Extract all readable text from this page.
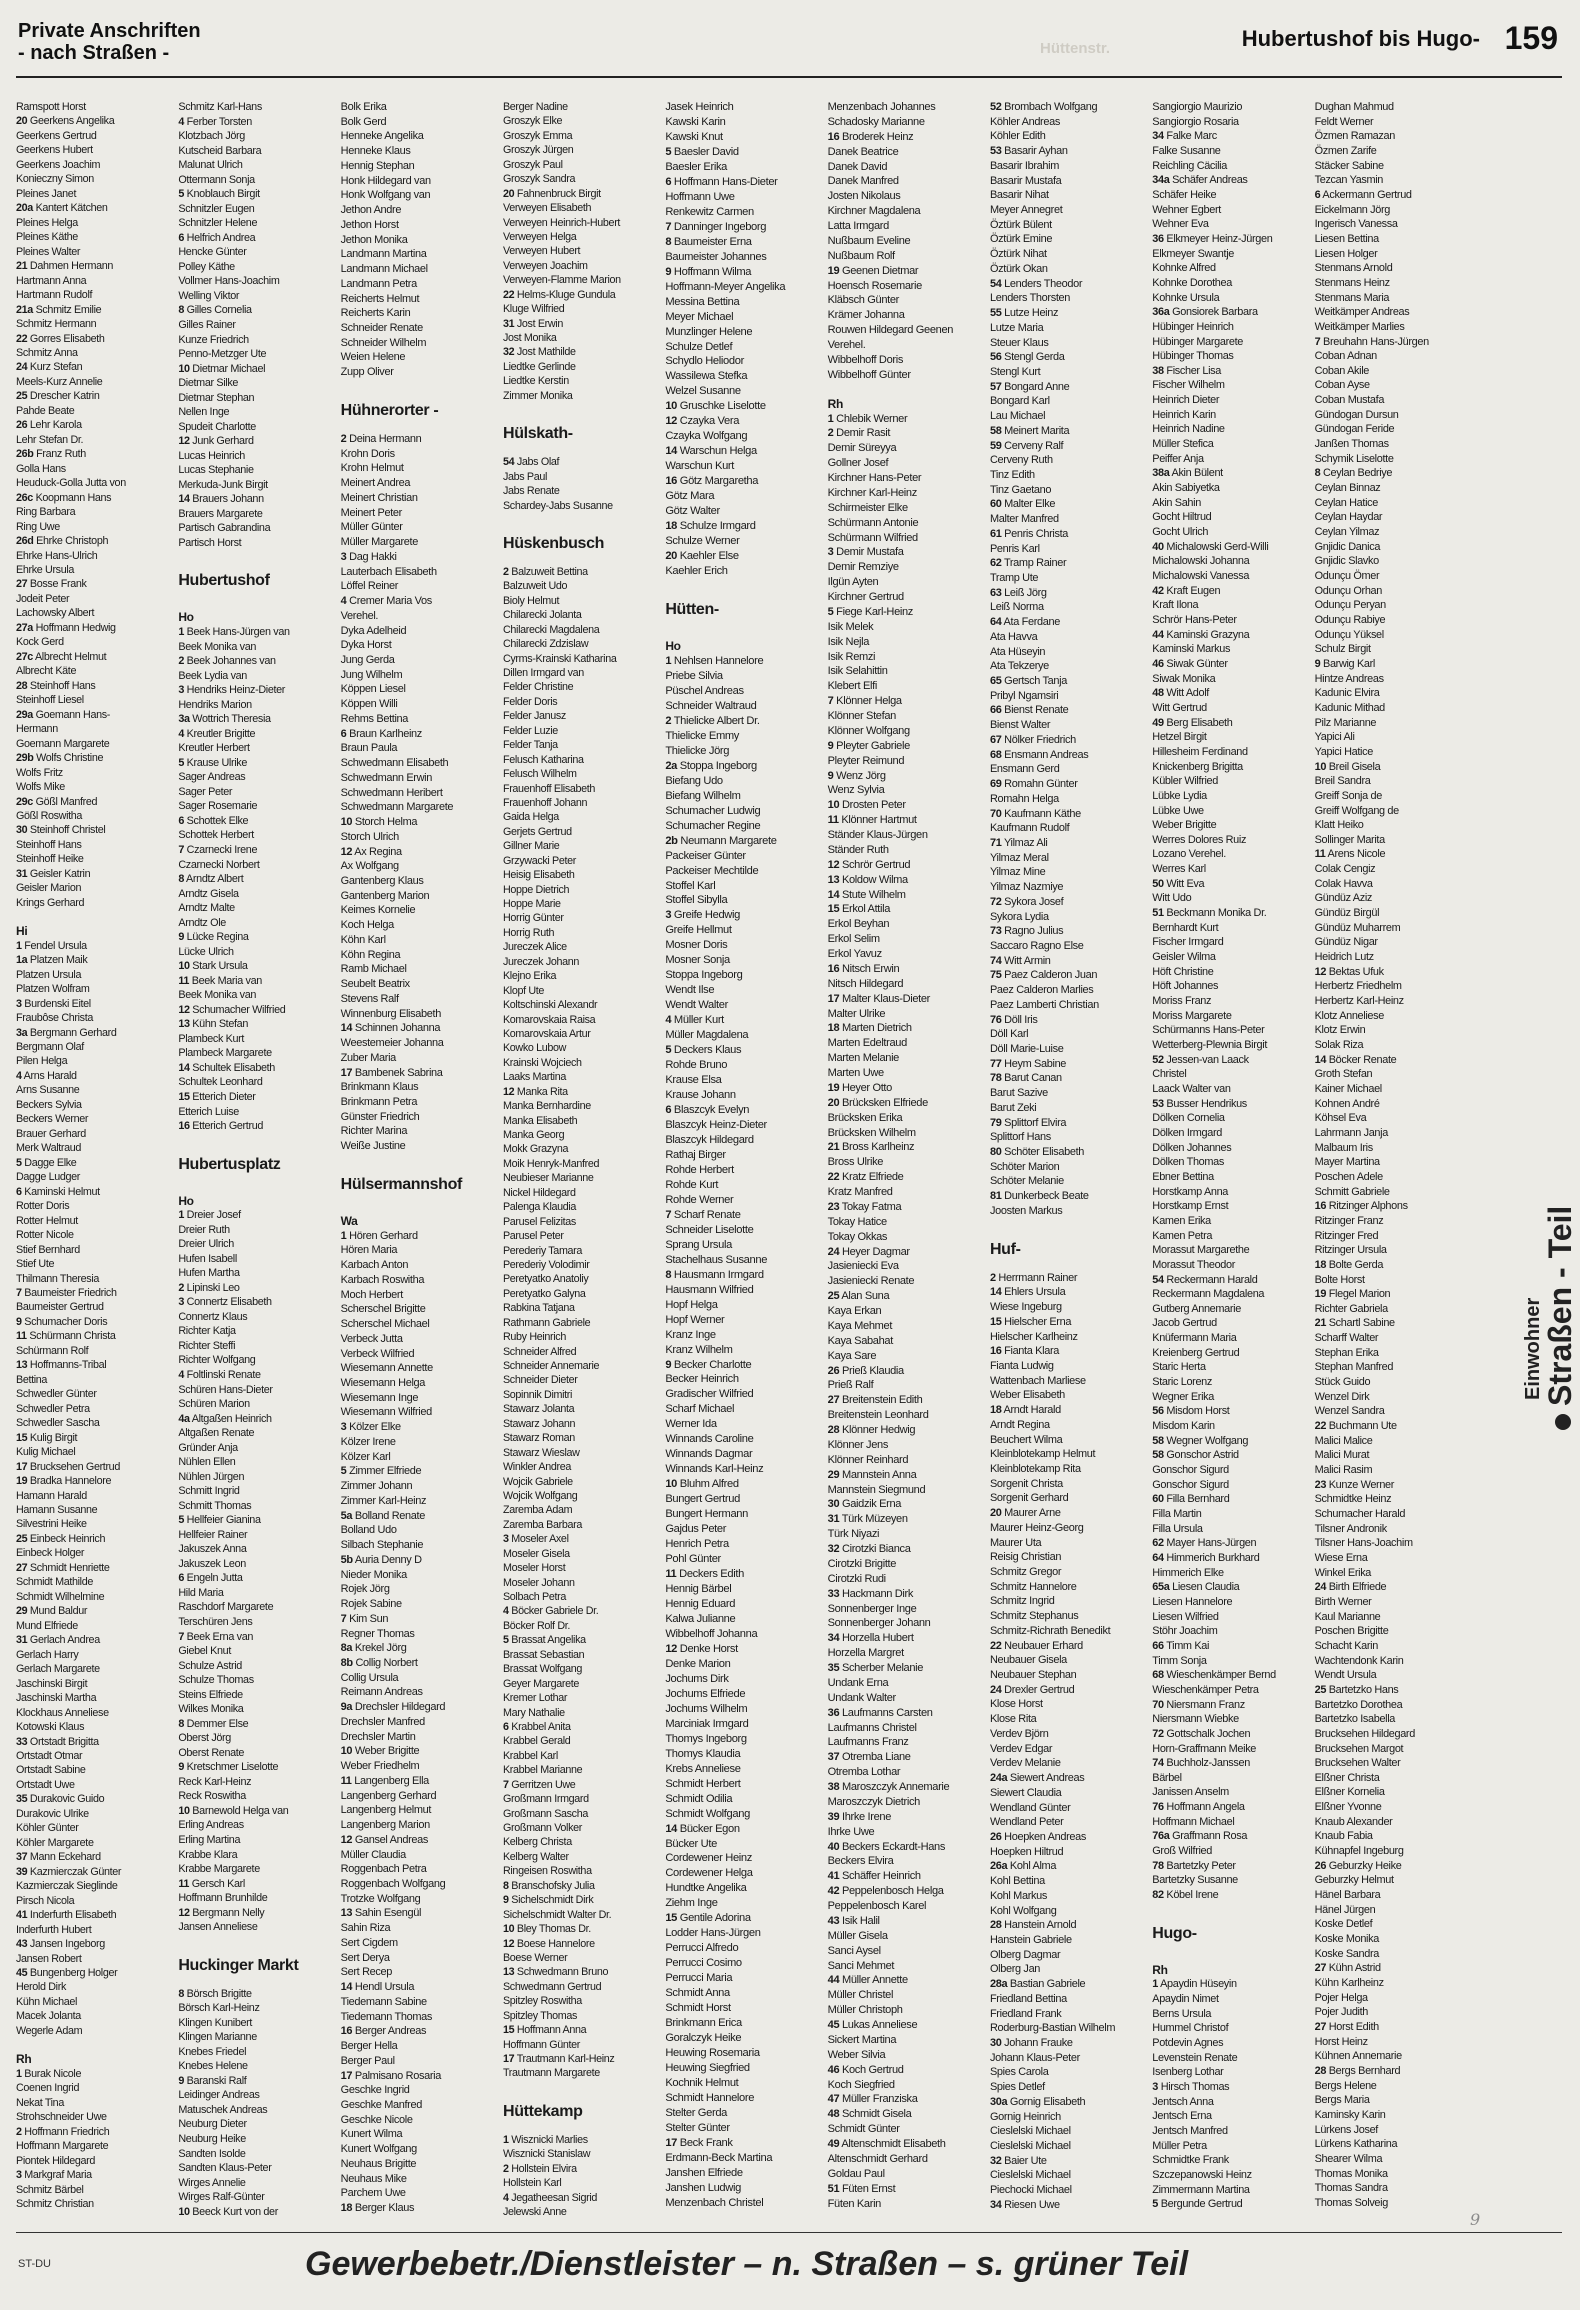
Private Anschriften
- nach Straßen -	Hüttenstr.	Hubertushof bis Hugo- 159
Ramspott Horst
20 Geerkens Angelika
Geerkens Gertrud
Geerkens Hubert
Geerkens Joachim
Konieczny Simon
Pleines Janet
20a Kantert Kätchen
Pleines Helga
Pleines Käthe
Pleines Walter
21 Dahmen Hermann
Hartmann Anna
Hartmann Rudolf
21a Schmitz Emilie
Schmitz Hermann
22 Gorres Elisabeth
Schmitz Anna
24 Kurz Stefan
Meels-Kurz Annelie
25 Drescher Katrin
Pahde Beate
26 Lehr Karola
Lehr Stefan Dr.
26b Franz Ruth
Golla Hans
Heuduck-Golla Jutta von
26c Koopmann Hans
Ring Barbara
Ring Uwe
26d Ehrke Christoph
Ehrke Hans-Ulrich
Ehrke Ursula
27 Bosse Frank
Jodeit Peter
Lachowsky Albert
27a Hoffmann Hedwig
Kock Gerd
27c Albrecht Helmut
Albrecht Käte
28 Steinhoff Hans
Steinhoff Liesel
29a Goemann Hans-
Hermann
Goemann Margarete
29b Wolfs Christine
Wolfs Fritz
Wolfs Mike
29c Gößl Manfred
Gößl Roswitha
30 Steinhoff Christel
Steinhoff Hans
Steinhoff Heike
31 Geisler Katrin
Geisler Marion
Krings Gerhard

Hi
1 Fendel Ursula
1a Platzen Maik
Platzen Ursula
Platzen Wolfram
3 Burdenski Eitel
Fraubôse Christa
3a Bergmann Gerhard
Bergmann Olaf
Pilen Helga
4 Arns Harald
Arns Susanne
Beckers Sylvia
Beckers Werner
Brauer Gerhard
Merk Waltraud
5 Dagge Elke
Dagge Ludger
6 Kaminski Helmut
Rotter Doris
Rotter Helmut
Rotter Nicole
Stief Bernhard
Stief Ute
Thilmann Theresia
7 Baumeister Friedrich
Baumeister Gertrud
9 Schumacher Doris
11 Schürmann Christa
Schürmann Rolf
13 Hoffmanns-Tribal
Bettina
Schwedler Günter
Schwedler Petra
Schwedler Sascha
15 Kulig Birgit
Kulig Michael
17 Brucksehen Gertrud
19 Bradka Hannelore
Hamann Harald
Hamann Susanne
Silvestrini Heike
25 Einbeck Heinrich
Einbeck Holger
27 Schmidt Henriette
Schmidt Mathilde
Schmidt Wilhelmine
29 Mund Baldur
Mund Elfriede
31 Gerlach Andrea
Gerlach Harry
Gerlach Margarete
Jaschinski Birgit
Jaschinski Martha
Klockhaus Anneliese
Kotowski Klaus
33 Ortstadt Brigitta
Ortstadt Otmar
Ortstadt Sabine
Ortstadt Uwe
35 Durakovic Guido
Durakovic Ulrike
Köhler Günter
Köhler Margarete
37 Mann Eckehard
39 Kazmierczak Günter
Kazmierczak Sieglinde
Pirsch Nicola
41 Inderfurth Elisabeth
Inderfurth Hubert
43 Jansen Ingeborg
Jansen Robert
45 Bungenberg Holger
Herold Dirk
Kühn Michael
Macek Jolanta
Wegerle Adam

Rh
1 Burak Nicole
Coenen Ingrid
Nekat Tina
Strohschneider Uwe
2 Hoffmann Friedrich
Hoffmann Margarete
Piontek Hildegard
3 Markgraf Maria
Schmitz Bärbel
Schmitz Christian
Schmitz Karl-Hans
4 Ferber Torsten
Klotzbach Jörg
Kutscheid Barbara
Malunat Ulrich
Ottermann Sonja
5 Knoblauch Birgit
Schnitzler Eugen
Schnitzler Helene
6 Helfrich Andrea
Hencke Günter
Polley Käthe
Vollmer Hans-Joachim
Welling Viktor
8 Gilles Cornelia
Gilles Rainer
Kunze Friedrich
Penno-Metzger Ute
10 Dietmar Michael
Dietmar Silke
Dietmar Stephan
Nellen Inge
Spudeit Charlotte
12 Junk Gerhard
Lucas Heinrich
Lucas Stephanie
Merkuda-Junk Birgit
14 Brauers Johann
Brauers Margarete
Partisch Gabrandina
Partisch Horst

Hubertushof

Ho
1 Beek Hans-Jürgen van
Beek Monika van
2 Beek Johannes van
Beek Lydia van
3 Hendriks Heinz-Dieter
Hendriks Marion
3a Wottrich Theresia
4 Kreutler Brigitte
Kreutler Herbert
5 Krause Ulrike
Sager Andreas
Sager Peter
Sager Rosemarie
6 Schottek Elke
Schottek Herbert
7 Czarnecki Irene
Czarnecki Norbert
8 Arndtz Albert
Arndtz Gisela
Arndtz Malte
Arndtz Ole
9 Lücke Regina
Lücke Ulrich
10 Stark Ursula
11 Beek Maria van
Beek Monika van
12 Schumacher Wilfried
13 Kühn Stefan
Plambeck Kurt
Plambeck Margarete
14 Schultek Elisabeth
Schultek Leonhard
15 Etterich Dieter
Etterich Luise
16 Etterich Gertrud

Hubertusplatz

Ho
1 Dreier Josef
Dreier Ruth
Dreier Ulrich
Hufen Isabell
Hufen Martha
2 Lipinski Leo
3 Connertz Elisabeth
Connertz Klaus
Richter Katja
Richter Steffi
Richter Wolfgang
4 Foltlinski Renate
Schüren Hans-Dieter
Schüren Marion
4a Altgaßen Heinrich
Altgaßen Renate
Gründer Anja
Nühlen Ellen
Nühlen Jürgen
Schmitt Ingrid
Schmitt Thomas
5 Hellfeier Gianina
Hellfeier Rainer
Jakuszek Anna
Jakuszek Leon
6 Engeln Jutta
Hild Maria
Raschdorf Margarete
Terschüren Jens
7 Beek Erna van
Giebel Knut
Schulze Astrid
Schulze Thomas
Steins Elfriede
Wilkes Monika
8 Demmer Else
Oberst Jörg
Oberst Renate
9 Kretschmer Liselotte
Reck Karl-Heinz
Reck Roswitha
10 Barnewold Helga van
Erling Andreas
Erling Martina
Krabbe Klara
Krabbe Margarete
11 Gersch Karl
Hoffmann Brunhilde
12 Bergmann Nelly
Jansen Anneliese

Huckinger Markt

8 Börsch Brigitte
Börsch Karl-Heinz
Klingen Kunibert
Klingen Marianne
Knebes Friedel
Knebes Helene
9 Baranski Ralf
Leidinger Andreas
Matuschek Andreas
Neuburg Dieter
Neuburg Heike
Sandten Isolde
Sandten Klaus-Peter
Wirges Annelie
Wirges Ralf-Günter
10 Beeck Kurt von der
Bolk Erika
Bolk Gerd
Henneke Angelika
Henneke Klaus
Hennig Stephan
Honk Hildegard van
Honk Wolfgang van
Jethon Andre
Jethon Horst
Jethon Monika
Landmann Martina
Landmann Michael
Landmann Petra
Reicherts Helmut
Reicherts Karin
Schneider Renate
Schneider Wilhelm
Weien Helene
Zupp Oliver

Hühnerorter -

2 Deina Hermann
Krohn Doris
Krohn Helmut
Meinert Andrea
Meinert Christian
Meinert Peter
Müller Günter
Müller Margarete
3 Dag Hakki
Lauterbach Elisabeth
Löffel Reiner
4 Cremer Maria Vos
Verehel.
Dyka Adelheid
Dyka Horst
Jung Gerda
Jung Wilhelm
Köppen Liesel
Köppen Willi
Rehms Bettina
6 Braun Karlheinz
Braun Paula
Schwedmann Elisabeth
Schwedmann Erwin
Schwedmann Heribert
Schwedmann Margarete
10 Storch Helma
Storch Ulrich
12 Ax Regina
Ax Wolfgang
Gantenberg Klaus
Gantenberg Marion
Keimes Kornelie
Koch Helga
Köhn Karl
Köhn Regina
Ramb Michael
Seubelt Beatrix
Stevens Ralf
Winnenburg Elisabeth
14 Schinnen Johanna
Weestemeier Johanna
Zuber Maria
17 Bambenek Sabrina
Brinkmann Klaus
Brinkmann Petra
Günster Friedrich
Richter Marina
Weiße Justine

Hülsermannshof

Wa
1 Hören Gerhard
Hören Maria
Karbach Anton
Karbach Roswitha
Moch Herbert
Scherschel Brigitte
Scherschel Michael
Verbeck Jutta
Verbeck Wilfried
Wiesemann Annette
Wiesemann Helga
Wiesemann Inge
Wiesemann Wilfried
3 Kölzer Elke
Kölzer Irene
Kölzer Karl
5 Zimmer Elfriede
Zimmer Johann
Zimmer Karl-Heinz
5a Bolland Renate
Bolland Udo
Silbach Stephanie
5b Auria Denny D
Nieder Monika
Rojek Jörg
Rojek Sabine
7 Kim Sun
Regner Thomas
8a Krekel Jörg
8b Collig Norbert
Collig Ursula
Reimann Andreas
9a Drechsler Hildegard
Drechsler Manfred
Drechsler Martin
10 Weber Brigitte
Weber Friedhelm
11 Langenberg Ella
Langenberg Gerhard
Langenberg Helmut
Langenberg Marion
12 Gansel Andreas
Müller Claudia
Roggenbach Petra
Roggenbach Wolfgang
Trotzke Wolfgang
13 Sahin Esengül
Sahin Riza
Sert Cigdem
Sert Derya
Sert Recep
14 Hendl Ursula
Tiedemann Sabine
Tiedemann Thomas
16 Berger Andreas
Berger Hella
Berger Paul
17 Palmisano Rosaria
Geschke Ingrid
Geschke Manfred
Geschke Nicole
Kunert Wilma
Kunert Wolfgang
Neuhaus Brigitte
Neuhaus Mike
Parchem Uwe
18 Berger Klaus
Berger Nadine
Groszyk Elke
Groszyk Emma
Groszyk Jürgen
Groszyk Paul
Groszyk Sandra
20 Fahnenbruck Birgit
Verweyen Elisabeth
Verweyen Heinrich-Hubert
Verweyen Helga
Verweyen Hubert
Verweyen Joachim
Verweyen-Flamme Marion
22 Helms-Kluge Gundula
Kluge Wilfried
31 Jost Erwin
Jost Monika
32 Jost Mathilde
Liedtke Gerlinde
Liedtke Kerstin
Zimmer Monika

Hülskath-

54 Jabs Olaf
Jabs Paul
Jabs Renate
Schardey-Jabs Susanne

Hüskenbusch

2 Balzuweit Bettina
Balzuweit Udo
Bioly Helmut
Chilarecki Jolanta
Chilarecki Magdalena
Chilarecki Zdzislaw
Cyrms-Krainski Katharina
Dillen Irmgard van
Felder Christine
Felder Doris
Felder Janusz
Felder Luzie
Felder Tanja
Felusch Katharina
Felusch Wilhelm
Frauenhoff Elisabeth
Frauenhoff Johann
Gaida Helga
Gerjets Gertrud
Gillner Marie
Grzywacki Peter
Heisig Elisabeth
Hoppe Dietrich
Hoppe Marie
Horrig Günter
Horrig Ruth
Jureczek Alice
Jureczek Johann
Klejno Erika
Klopf Ute
Koltschinski Alexandr
Komarovskaia Raisa
Komarovskaia Artur
Kowko Lubow
Krainski Wojciech
Laaks Martina
12 Manka Rita
Manka Bernhardine
Manka Elisabeth
Manka Georg
Mokk Grazyna
Moik Henryk-Manfred
Neubieser Marianne
Nickel Hildegard
Palenga Klaudia
Parusel Felizitas
Parusel Peter
Perederiy Tamara
Perederiy Volodimir
Peretyatko Anatoliy
Peretyatko Galyna
Rabkina Tatjana
Rathmann Gabriele
Ruby Heinrich
Schneider Alfred
Schneider Annemarie
Schneider Dieter
Sopinnik Dimitri
Stawarz Jolanta
Stawarz Johann
Stawarz Roman
Stawarz Wieslaw
Winkler Andrea
Wojcik Gabriele
Wojcik Wolfgang
Zaremba Adam
Zaremba Barbara
3 Moseler Axel
Moseler Gisela
Moseler Horst
Moseler Johann
Solbach Petra
4 Böcker Gabriele Dr.
Böcker Rolf Dr.
5 Brassat Angelika
Brassat Sebastian
Brassat Wolfgang
Geyer Margarete
Kremer Lothar
Mary Nathalie
6 Krabbel Anita
Krabbel Gerald
Krabbel Karl
Krabbel Marianne
7 Gerritzen Uwe
Großmann Irmgard
Großmann Sascha
Großmann Volker
Kelberg Christa
Kelberg Walter
Ringeisen Roswitha
8 Branschofsky Julia
9 Sichelschmidt Dirk
Sichelschmidt Walter Dr.
10 Bley Thomas Dr.
12 Boese Hannelore
Boese Werner
13 Schwedmann Bruno
Schwedmann Gertrud
Spitzley Roswitha
Spitzley Thomas
15 Hoffmann Anna
Hoffmann Günter
17 Trautmann Karl-Heinz
Trautmann Margarete

Hüttekamp

1 Wisznicki Marlies
Wisznicki Stanislaw
2 Hollstein Elvira
Hollstein Karl
4 Jegatheesan Sigrid
Jelewski Anne
Jasek Heinrich
Kawski Karin
Kawski Knut
5 Baesler David
Baesler Erika
6 Hoffmann Hans-Dieter
Hoffmann Uwe
Renkewitz Carmen
7 Danninger Ingeborg
8 Baumeister Erna
Baumeister Johannes
9 Hoffmann Wilma
Hoffmann-Meyer Angelika
Messina Bettina
Meyer Michael
Munzlinger Helene
Schulze Detlef
Schydlo Heliodor
Wassilewa Stefka
Welzel Susanne
10 Gruschke Liselotte
12 Czayka Vera
Czayka Wolfgang
14 Warschun Helga
Warschun Kurt
16 Götz Margaretha
Götz Mara
Götz Walter
18 Schulze Irmgard
Schulze Werner
20 Kaehler Else
Kaehler Erich

Hütten-

Ho
1 Nehlsen Hannelore
Priebe Silvia
Püschel Andreas
Schneider Waltraud
2 Thielicke Albert Dr.
Thielicke Emmy
Thielicke Jörg
2a Stoppa Ingeborg
Biefang Udo
Biefang Wilhelm
Schumacher Ludwig
Schumacher Regine
2b Neumann Margarete
Packeiser Günter
Packeiser Mechtilde
Stoffel Karl
Stoffel Sibylla
3 Greife Hedwig
Greife Hellmut
Mosner Doris
Mosner Sonja
Stoppa Ingeborg
Wendt Ilse
Wendt Walter
4 Müller Kurt
Müller Magdalena
5 Deckers Klaus
Rohde Bruno
Krause Elsa
Krause Johann
6 Blaszcyk Evelyn
Blaszcyk Heinz-Dieter
Blaszcyk Hildegard
Rathaj Birger
Rohde Herbert
Rohde Kurt
Rohde Werner
7 Scharf Renate
Schneider Liselotte
Sprang Ursula
Stachelhaus Susanne
8 Hausmann Irmgard
Hausmann Wilfried
Hopf Helga
Hopf Werner
Kranz Inge
Kranz Wilhelm
9 Becker Charlotte
Becker Heinrich
Gradischer Wilfried
Scharf Michael
Werner Ida
Winnands Caroline
Winnands Dagmar
Winnands Karl-Heinz
10 Bluhm Alfred
Bungert Gertrud
Bungert Hermann
Gajdus Peter
Henrich Petra
Pohl Günter
11 Deckers Edith
Hennig Bärbel
Hennig Eduard
Kalwa Julianne
Wibbelhoff Johanna
12 Denke Horst
Denke Marion
Jochums Dirk
Jochums Elfriede
Jochums Wilhelm
Marciniak Irmgard
Thomys Ingeborg
Thomys Klaudia
Krebs Anneliese
Schmidt Herbert
Schmidt Odilia
Schmidt Wolfgang
14 Bücker Egon
Bücker Ute
Cordewener Heinz
Cordewener Helga
Hundtke Angelika
Ziehm Inge
15 Gentile Adorina
Lodder Hans-Jürgen
Perrucci Alfredo
Perrucci Cosimo
Perrucci Maria
Schmidt Anna
Schmidt Horst
Brinkmann Erica
Goralczyk Heike
Heuwing Rosemaria
Heuwing Siegfried
Kochnik Helmut
Schmidt Hannelore
Stelter Gerda
Stelter Günter
17 Beck Frank
Erdmann-Beck Martina
Janshen Elfriede
Janshen Ludwig
Menzenbach Christel
Menzenbach Johannes
Schadosky Marianne
16 Broderek Heinz
Danek Beatrice
Danek David
Danek Manfred
Josten Nikolaus
Kirchner Magdalena
Latta Irmgard
Nußbaum Eveline
Nußbaum Rolf
19 Geenen Dietmar
Hoensch Rosemarie
Kläbsch Günter
Krämer Johanna
Rouwen Hildegard Geenen
Verehel.
Wibbelhoff Doris
Wibbelhoff Günter

Rh
1 Chlebik Werner
2 Demir Rasit
Demir Süreyya
Gollner Josef
Kirchner Hans-Peter
Kirchner Karl-Heinz
Schirmeister Elke
Schürmann Antonie
Schürmann Wilfried
3 Demir Mustafa
Demir Remziye
Ilgün Ayten
Kirchner Gertrud
5 Fiege Karl-Heinz
Isik Melek
Isik Nejla
Isik Remzi
Isik Selahittin
Klebert Elfi
7 Klönner Helga
Klönner Stefan
Klönner Wolfgang
9 Pleyter Gabriele
Pleyter Reimund
9 Wenz Jörg
Wenz Sylvia
10 Drosten Peter
11 Klönner Hartmut
Ständer Klaus-Jürgen
Ständer Ruth
12 Schrör Gertrud
13 Koldow Wilma
14 Stute Wilhelm
15 Erkol Attila
Erkol Beyhan
Erkol Selim
Erkol Yavuz
16 Nitsch Erwin
Nitsch Hildegard
17 Malter Klaus-Dieter
Malter Ulrike
18 Marten Dietrich
Marten Edeltraud
Marten Melanie
Marten Uwe
19 Heyer Otto
20 Brücksken Elfriede
Brücksken Erika
Brücksken Wilhelm
21 Bross Karlheinz
Bross Ulrike
22 Kratz Elfriede
Kratz Manfred
23 Tokay Fatma
Tokay Hatice
Tokay Okkas
24 Heyer Dagmar
Jasieniecki Eva
Jasieniecki Renate
25 Alan Suna
Kaya Erkan
Kaya Mehmet
Kaya Sabahat
Kaya Sare
26 Prieß Klaudia
Prieß Ralf
27 Breitenstein Edith
Breitenstein Leonhard
28 Klönner Hedwig
Klönner Jens
Klönner Reinhard
29 Mannstein Anna
Mannstein Siegmund
30 Gaidzik Erna
31 Türk Müzeyen
Türk Niyazi
32 Cirotzki Bianca
Cirotzki Brigitte
Cirotzki Rudi
33 Hackmann Dirk
Sonnenberger Inge
Sonnenberger Johann
34 Horzella Hubert
Horzella Margret
35 Scherber Melanie
Undank Erna
Undank Walter
36 Laufmanns Carsten
Laufmanns Christel
Laufmanns Franz
37 Otremba Liane
Otremba Lothar
38 Maroszczyk Annemarie
Maroszczyk Dietrich
39 Ihrke Irene
Ihrke Uwe
40 Beckers Eckardt-Hans
Beckers Elvira
41 Schäffer Heinrich
42 Peppelenbosch Helga
Peppelenbosch Karel
43 Isik Halil
Müller Gisela
Sanci Aysel
Sanci Mehmet
44 Müller Annette
Müller Christel
Müller Christoph
45 Lukas Anneliese
Sickert Martina
Weber Silvia
46 Koch Gertrud
Koch Siegfried
47 Müller Franziska
48 Schmidt Gisela
Schmidt Günter
49 Altenschmidt Elisabeth
Altenschmidt Gerhard
Goldau Paul
51 Füten Ernst
Füten Karin
52 Brombach Wolfgang
Köhler Andreas
Köhler Edith
53 Basarir Ayhan
Basarir Ibrahim
Basarir Mustafa
Basarir Nihat
Meyer Annegret
Öztürk Bülent
Öztürk Emine
Öztürk Nihat
Öztürk Okan
54 Lenders Theodor
Lenders Thorsten
55 Lutze Heinz
Lutze Maria
Steuer Klaus
56 Stengl Gerda
Stengl Kurt
57 Bongard Anne
Bongard Karl
Lau Michael
58 Meinert Marita
59 Cerveny Ralf
Cerveny Ruth
Tinz Edith
Tinz Gaetano
60 Malter Elke
Malter Manfred
61 Penris Christa
Penris Karl
62 Tramp Rainer
Tramp Ute
63 Leiß Jörg
Leiß Norma
64 Ata Ferdane
Ata Havva
Ata Hüseyin
Ata Tekzerye
65 Gertsch Tanja
Pribyl Ngamsiri
66 Bienst Renate
Bienst Walter
67 Nölker Friedrich
68 Ensmann Andreas
Ensmann Gerd
69 Romahn Günter
Romahn Helga
70 Kaufmann Käthe
Kaufmann Rudolf
71 Yilmaz Ali
Yilmaz Meral
Yilmaz Mine
Yilmaz Nazmiye
72 Sykora Josef
Sykora Lydia
73 Ragno Julius
Saccaro Ragno Else
74 Witt Armin
75 Paez Calderon Juan
Paez Calderon Marlies
Paez Lamberti Christian
76 Döll Iris
Döll Karl
Döll Marie-Luise
77 Heym Sabine
78 Barut Canan
Barut Sazive
Barut Zeki
79 Splittorf Elvira
Splittorf Hans
80 Schöter Elisabeth
Schöter Marion
Schöter Melanie
81 Dunkerbeck Beate
Joosten Markus

Huf-

2 Herrmann Rainer
14 Ehlers Ursula
Wiese Ingeburg
15 Hielscher Erna
Hielscher Karlheinz
16 Fianta Klara
Fianta Ludwig
Wattenbach Marliese
Weber Elisabeth
18 Arndt Harald
Arndt Regina
Beuchert Wilma
Kleinblotekamp Helmut
Kleinblotekamp Rita
Sorgenit Christa
Sorgenit Gerhard
20 Maurer Arne
Maurer Heinz-Georg
Maurer Uta
Reisig Christian
Schmitz Gregor
Schmitz Hannelore
Schmitz Ingrid
Schmitz Stephanus
Schmitz-Richrath Benedikt
22 Neubauer Erhard
Neubauer Gisela
Neubauer Stephan
24 Drexler Gertrud
Klose Horst
Klose Rita
Verdev Björn
Verdev Edgar
Verdev Melanie
24a Siewert Andreas
Siewert Claudia
Wendland Günter
Wendland Peter
26 Hoepken Andreas
Hoepken Hiltrud
26a Kohl Alma
Kohl Bettina
Kohl Markus
Kohl Wolfgang
28 Hanstein Arnold
Hanstein Gabriele
Olberg Dagmar
Olberg Jan
28a Bastian Gabriele
Friedland Bettina
Friedland Frank
Roderburg-Bastian Wilhelm
30 Johann Frauke
Johann Klaus-Peter
Spies Carola
Spies Detlef
30a Gornig Elisabeth
Gornig Heinrich
Cieslelski Michael
Cieslelski Michael
32 Baier Ute
Cieslelski Michael
Piechocki Michael
34 Riesen Uwe
Sangiorgio Maurizio
Sangiorgio Rosaria
34 Falke Marc
Falke Susanne
Reichling Cäcilia
34a Schäfer Andreas
Schäfer Heike
Wehner Egbert
Wehner Eva
36 Elkmeyer Heinz-Jürgen
Elkmeyer Swantje
Kohnke Alfred
Kohnke Dorothea
Kohnke Ursula
36a Gonsiorek Barbara
Hübinger Heinrich
Hübinger Margarete
Hübinger Thomas
38 Fischer Lisa
Fischer Wilhelm
Heinrich Dieter
Heinrich Karin
Heinrich Nadine
Müller Stefica
Peiffer Anja
38a Akin Bülent
Akin Sabiyetka
Akin Sahin
Gocht Hiltrud
Gocht Ulrich
40 Michalowski Gerd-Willi
Michalowski Johanna
Michalowski Vanessa
42 Kraft Eugen
Kraft Ilona
Schrör Hans-Peter
44 Kaminski Grazyna
Kaminski Markus
46 Siwak Günter
Siwak Monika
48 Witt Adolf
Witt Gertrud
49 Berg Elisabeth
Hetzel Birgit
Hillesheim Ferdinand
Knickenberg Brigitta
Kübler Wilfried
Lübke Lydia
Lübke Uwe
Weber Brigitte
Werres Dolores Ruiz
Lozano Verehel.
Werres Karl
50 Witt Eva
Witt Udo
51 Beckmann Monika Dr.
Bernhardt Kurt
Fischer Irmgard
Geisler Wilma
Höft Christine
Höft Johannes
Moriss Franz
Moriss Margarete
Schürmanns Hans-Peter
Wetterberg-Plewnia Birgit
52 Jessen-van Laack
Christel
Laack Walter van
53 Busser Hendrikus
Dölken Cornelia
Dölken Irmgard
Dölken Johannes
Dölken Thomas
Ebner Bettina
Horstkamp Anna
Horstkamp Ernst
Kamen Erika
Kamen Petra
Morassut Margarethe
Morassut Theodor
54 Reckermann Harald
Reckermann Magdalena
Gutberg Annemarie
Jacob Gertrud
Knüfermann Maria
Kreienberg Gertrud
Staric Herta
Staric Lorenz
Wegner Erika
56 Misdom Horst
Misdom Karin
58 Wegner Wolfgang
58 Gonschor Astrid
Gonschor Sigurd
Gonschor Sigurd
60 Filla Bernhard
Filla Martin
Filla Ursula
62 Mayer Hans-Jürgen
64 Himmerich Burkhard
Himmerich Elke
65a Liesen Claudia
Liesen Hannelore
Liesen Wilfried
Stöhr Joachim
66 Timm Kai
Timm Sonja
68 Wieschenkämper Bernd
Wieschenkämper Petra
70 Niersmann Franz
Niersmann Wiebke
72 Gottschalk Jochen
Horn-Graffmann Meike
74 Buchholz-Janssen
Bärbel
Janissen Anselm
76 Hoffmann Angela
Hoffmann Michael
76a Graffmann Rosa
Groß Wilfried
78 Bartetzky Peter
Bartetzky Susanne
82 Köbel Irene

Hugo-

Rh
1 Apaydin Hüseyin
Apaydin Nimet
Berns Ursula
Hummel Christof
Potdevin Agnes
Levenstein Renate
Isenberg Lothar
3 Hirsch Thomas
Jentsch Anna
Jentsch Erna
Jentsch Manfred
Müller Petra
Schmidtke Frank
Szczepanowski Heinz
Zimmermann Martina
5 Bergunde Gertrud
Dughan Mahmud
Feldt Werner
Özmen Ramazan
Özmen Zarife
Stäcker Sabine
Tezcan Yasmin
6 Ackermann Gertrud
Eickelmann Jörg
Ingerisch Vanessa
Liesen Bettina
Liesen Holger
Stenmans Arnold
Stenmans Heinz
Stenmans Maria
Weitkämper Andreas
Weitkämper Marlies
7 Breuhahn Hans-Jürgen
Coban Adnan
Coban Akile
Coban Ayse
Coban Mustafa
Gündogan Dursun
Gündogan Feride
Janßen Thomas
Schymik Liselotte
8 Ceylan Bedriye
Ceylan Binnaz
Ceylan Hatice
Ceylan Haydar
Ceylan Yilmaz
Gnjidic Danica
Gnjidic Slavko
Odunçu Ömer
Odunçu Orhan
Odunçu Peryan
Odunçu Rabiye
Odunçu Yüksel
Schulz Birgit
9 Barwig Karl
Hintze Andreas
Kadunic Elvira
Kadunic Mithad
Pilz Marianne
Yapici Ali
Yapici Hatice
10 Breil Gisela
Breil Sandra
Greiff Sonja de
Greiff Wolfgang de
Klatt Heiko
Sollinger Marita
11 Arens Nicole
Colak Cengiz
Colak Havva
Gündüz Aziz
Gündüz Birgül
Gündüz Muharrem
Gündüz Nigar
Heidrich Lutz
12 Bektas Ufuk
Herbertz Friedhelm
Herbertz Karl-Heinz
Klotz Anneliese
Klotz Erwin
Solak Riza
14 Böcker Renate
Groth Stefan
Kainer Michael
Kohnen André
Köhsel Eva
Lahrmann Janja
Malbaum Iris
Mayer Martina
Poschen Adele
Schmitt Gabriele
16 Ritzinger Alphons
Ritzinger Franz
Ritzinger Fred
Ritzinger Ursula
18 Bolte Gerda
Bolte Horst
19 Flegel Marion
Richter Gabriela
21 Schartl Sabine
Scharff Walter
Stephan Erika
Stephan Manfred
Stück Guido
Wenzel Dirk
Wenzel Sandra
22 Buchmann Ute
Malici Malice
Malici Murat
Malici Rasim
23 Kunze Werner
Schmidtke Heinz
Schumacher Harald
Tilsner Andronik
Tilsner Hans-Joachim
Wiese Erna
Winkel Erika
24 Birth Elfriede
Birth Werner
Kaul Marianne
Poschen Brigitte
Schacht Karin
Wachtendonk Karin
Wendt Ursula
25 Bartetzko Hans
Bartetzko Dorothea
Bartetzko Isabella
Brucksehen Hildegard
Brucksehen Margot
Brucksehen Walter
Elßner Christa
Elßner Kornelia
Elßner Yvonne
Knaub Alexander
Knaub Fabia
Kühnapfel Ingeburg
26 Geburzky Heike
Geburzky Helmut
Hänel Barbara
Hänel Jürgen
Koske Detlef
Koske Monika
Koske Sandra
27 Kühn Astrid
Kühn Karlheinz
Pojer Helga
Pojer Judith
27 Horst Edith
Horst Heinz
Kühnen Annemarie
28 Bergs Bernhard
Bergs Helene
Bergs Maria
Kaminsky Karin
Lürkens Josef
Lürkens Katharina
Shearer Wilma
Thomas Monika
Thomas Sandra
Thomas Solveig
Einwohner
Straßen - Teil
ST-DU	Gewerbebetr./Dienstleister – n. Straßen – s. grüner Teil
9
